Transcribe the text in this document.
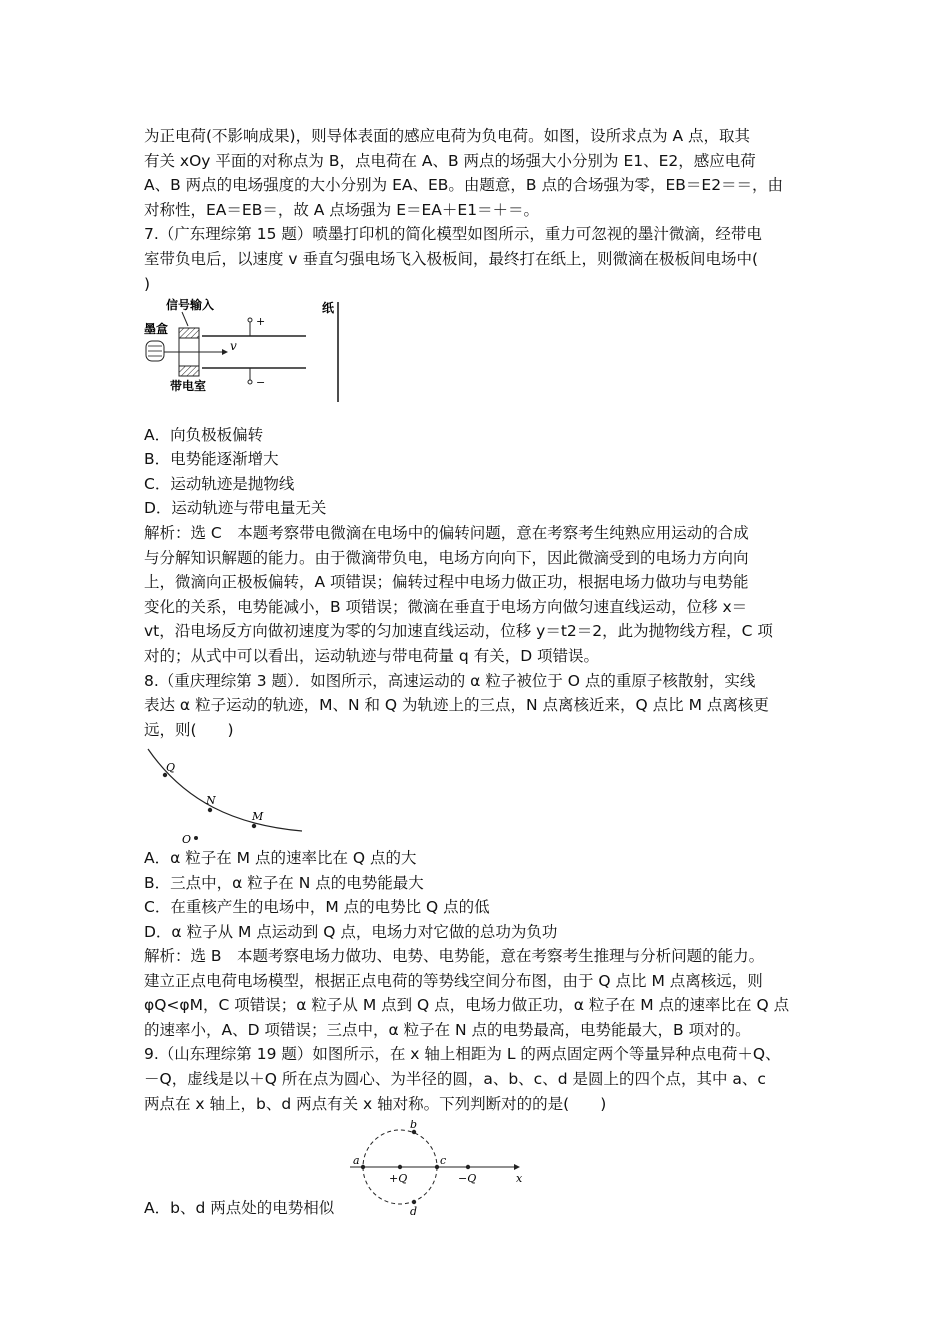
为正电荷(不影响成果)，则导体表面的感应电荷为负电荷。如图，设所求点为 A 点，取其
有关 xOy 平面的对称点为 B，点电荷在 A、B 两点的场强大小分别为 E1、E2，感应电荷
A、B 两点的电场强度的大小分别为 EA、EB。由题意，B 点的合场强为零，EB＝E2＝＝，由
对称性，EA＝EB＝，故 A 点场强为 E＝EA＋E1＝＋＝。
7.（广东理综第 15 题）喷墨打印机的简化模型如图所示，重力可忽视的墨汁微滴，经带电
室带负电后，以速度 v 垂直匀强电场飞入极板间，最终打在纸上，则微滴在极板间电场中(
)
信号输入
墨盒
v
+
−
带电室
纸
A．向负极板偏转
B．电势能逐渐增大
C．运动轨迹是抛物线
D．运动轨迹与带电量无关
解析：选 C　本题考察带电微滴在电场中的偏转问题，意在考察考生纯熟应用运动的合成
与分解知识解题的能力。由于微滴带负电，电场方向向下，因此微滴受到的电场力方向向
上，微滴向正极板偏转，A 项错误；偏转过程中电场力做正功，根据电场力做功与电势能
变化的关系，电势能减小，B 项错误；微滴在垂直于电场方向做匀速直线运动，位移 x＝
vt，沿电场反方向做初速度为零的匀加速直线运动，位移 y＝t2＝2，此为抛物线方程，C 项
对的；从式中可以看出，运动轨迹与带电荷量 q 有关，D 项错误。
8.（重庆理综第 3 题）．如图所示，高速运动的 α 粒子被位于 O 点的重原子核散射，实线
表达 α 粒子运动的轨迹，M、N 和 Q 为轨迹上的三点，N 点离核近来，Q 点比 M 点离核更
远，则(　　)
Q
N
M
O
A．α 粒子在 M 点的速率比在 Q 点的大
B．三点中，α 粒子在 N 点的电势能最大
C．在重核产生的电场中，M 点的电势比 Q 点的低
D．α 粒子从 M 点运动到 Q 点，电场力对它做的总功为负功
解析：选 B　本题考察电场力做功、电势、电势能，意在考察考生推理与分析问题的能力。
建立正点电荷电场模型，根据正点电荷的等势线空间分布图，由于 Q 点比 M 点离核远，则
φQ<φM，C 项错误；α 粒子从 M 点到 Q 点，电场力做正功，α 粒子在 M 点的速率比在 Q 点
的速率小，A、D 项错误；三点中，α 粒子在 N 点的电势最高，电势能最大，B 项对的。
9.（山东理综第 19 题）如图所示，在 x 轴上相距为 L 的两点固定两个等量异种点电荷＋Q、
－Q，虚线是以＋Q 所在点为圆心、为半径的圆，a、b、c、d 是圆上的四个点，其中 a、c
两点在 x 轴上，b、d 两点有关 x 轴对称。下列判断对的的是(　　)
x
a	c
b
d
+Q	−Q
A．b、d 两点处的电势相似
